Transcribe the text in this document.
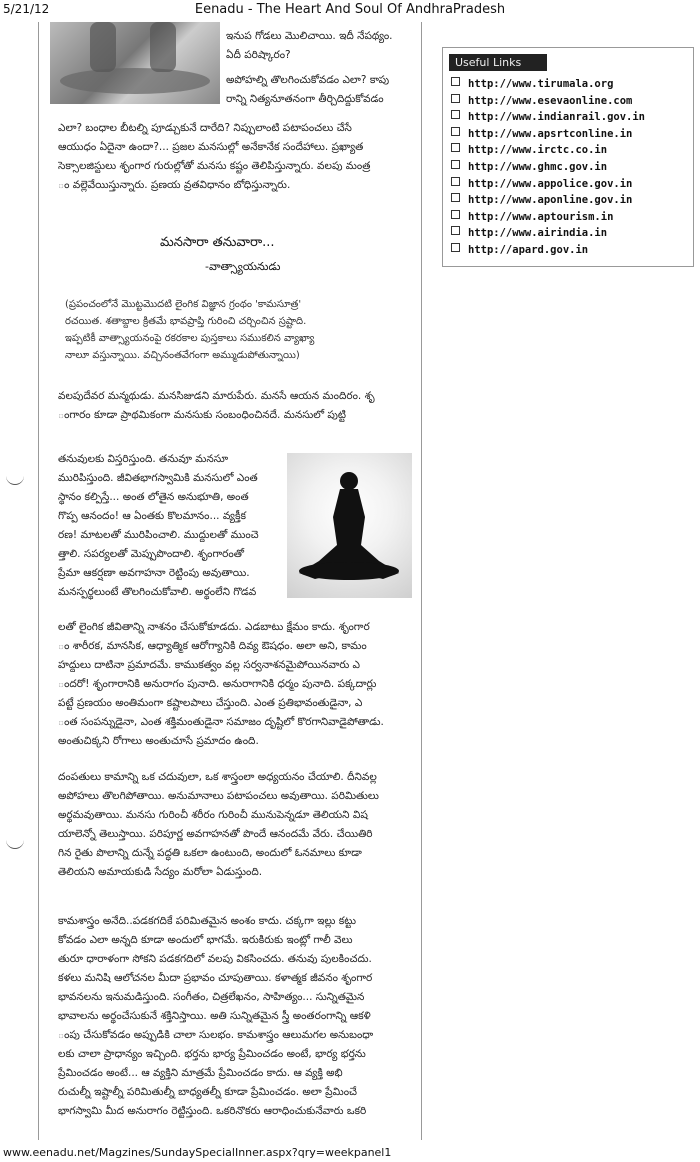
5/21/12	Eenadu - The Heart And Soul Of AndhraPradesh

ఇనుప గోడలు మొలిచాయి. ఇదీ నేపథ్యం.

ఏదీ పరిష్కారం?

అపోహల్ని తొలగించుకోవడం ఎలా? కాపు

రాన్ని నిత్యనూతనంగా తీర్చిదిద్దుకోవడం

ఎలా? బంధాల బీటల్ని పూడ్చుకునే దారేది? నిప్పులాంటి పటాపంచలు చేసే

ఆయుధం ఏదైనా ఉందా?... ప్రజల మనసుల్లో అనేకానేక సందేహాలు. ప్రఖ్యాత

సెక్సాలజిస్టులు శృంగార గురుల్లోతో మనసు కష్టం తెలిపిస్తున్నారు. వలపు మంత్ర

ం వల్లెవేయిస్తున్నారు. ప్రణయ వ్రతవిధానం బోధిస్తున్నారు.

మనసారా తనువారా...
-వాత్స్యాయనుడు

(ప్రపంచంలోనే మొట్టమొదటి లైంగిక విజ్ఞాన గ్రంథం 'కామసూత్ర'

రచయిత. శతాబ్దాల క్రితమే భావప్రాప్తి గురించి చర్చించిన స్రష్టాది.

ఇప్పటికీ వాత్స్యాయనంపై రకరకాల పుస్తకాలు సముకలిన వ్యాఖ్యా

నాలూ వస్తున్నాయి. వచ్చినంతవేగంగా అమ్ముడుపోతున్నాయి)

వలపుదేవర మన్మథుడు. మనసిజుడని మారుపేరు. మనసే ఆయన మందిరం. శృ

ంగారం కూడా ప్రాథమికంగా మనసుకు సంబంధించినదే. మనసులో పుట్టి

తనువులకు విస్తరిస్తుంది. తనువూ మనసూ

మురిపిస్తుంది. జీవితభాగస్వామికి మనసులో ఎంత

స్థానం కల్పిస్తే... అంత లోతైన అనుభూతి, అంత

గొప్ప ఆనందం! ఆ ఏంతకు కొలమానం... వ్యక్తీక

రణ! మాటలతో మురిపించాలి. ముద్దులతో ముంచె

త్తాలి. సపర్యలతో మెప్పుపొందాలి. శృంగారంతో

ప్రేమా ఆకర్షణా అవగాహనా రెట్టింపు అవుతాయి.

మనస్పర్థలుంటే తొలగించుకోవాలి. అర్థంలేని గొడవ

లతో లైంగిక జీవితాన్ని నాశనం చేసుకోకూడదు. ఎడబాటు క్షేమం కాదు. శృంగార

ం శారీరక, మానసిక, ఆధ్యాత్మిక ఆరోగ్యానికి దివ్య ఔషధం. అలా అని, కామం

హద్దులు దాటినా ప్రమాదమే. కాముకత్వం వల్ల సర్వనాశనమైపోయినవారు ఎ

ందరో! శృంగారానికి అనురాగం పునాది. అనురాగానికి ధర్మం పునాది. పక్కదార్లు

పట్టే ప్రణయం అంతిమంగా కష్టాలపాలు చేస్తుంది. ఎంత ప్రతిభావంతుడైనా, ఎ

ంత సంపన్నుడైనా, ఎంత శక్తిమంతుడైనా సమాజం దృష్టిలో కొరగానివాడైపోతాడు.

అంతుచిక్కని రోగాలు అంతుచూసే ప్రమాదం ఉంది.

దంపతులు కామాన్ని ఒక చదువులా, ఒక శాస్త్రంలా అధ్యయనం చేయాలి. దీనివల్ల

అపోహలు తొలగిపోతాయి. అనుమానాలు పటాపంచలు అవుతాయి. పరిమితులు

అర్థమవుతాయి. మనసు గురించీ శరీరం గురించీ మునుపెన్నడూ తెలియని విష

యాలెన్నో తెలుస్తాయి. పరిపూర్ణ అవగాహనతో పొందే ఆనందమే వేరు. చేయితిరి

గిన రైతు పొలాన్ని దున్నే పద్ధతి ఒకలా ఉంటుంది, అందులో ఓనమాలు కూడా

తెలియని అమాయకుడి సేద్యం మరోలా ఏడుస్తుంది.

కామశాస్త్రం అనేది..పడకగదికే పరిమితమైన అంశం కాదు. చక్కగా ఇల్లు కట్టు

కోవడం ఎలా అన్నది కూడా అందులో భాగమే. ఇరుకిరుకు ఇంట్లో గాలీ వెలు

తురూ ధారాళంగా సోకని పడకగదిలో వలపు వికసించదు. తనువు పులకించదు.

కళలు మనిషి ఆలోచనల మీదా ప్రభావం చూపుతాయి. కళాత్మక జీవనం శృంగార

భావనలను ఇనుమడిస్తుంది. సంగీతం, చిత్రలేఖనం, సాహిత్యం... సున్నితమైన

భావాలను అర్థంచేసుకునే శక్తినిస్తాయి. అతి సున్నితమైన స్త్రీ అంతరంగాన్ని ఆకళి

ంపు చేసుకోవడం అప్పుడికి చాలా సులభం. కామశాస్త్రం ఆలుమగల అనుబంధా

లకు చాలా ప్రాధాన్యం ఇచ్చింది. భర్తను భార్య ప్రేమించడం అంటే, భార్య భర్తను

ప్రేమించడం అంటే... ఆ వ్యక్తిని మాత్రమే ప్రేమించడం కాదు. ఆ వ్యక్తి అభి

రుచుల్నీ ఇష్టాల్నీ పరిమితుల్నీ బాధ్యతల్నీ కూడా ప్రేమించడం. అలా ప్రేమించే

భాగస్వామి మీద అనురాగం రెట్టిస్తుంది. ఒకరినొకరు ఆరాధించుకునేవారు ఒకరి

Useful Links
http://www.tirumala.org
http://www.esevaonline.com
http://www.indianrail.gov.in
http://www.apsrtconline.in
http://www.irctc.co.in
http://www.ghmc.gov.in
http://www.appolice.gov.in
http://www.aponline.gov.in
http://www.aptourism.in
http://www.airindia.in
http://apard.gov.in
www.eenadu.net/Magzines/SundaySpecialInner.aspx?qry=weekpanel1
